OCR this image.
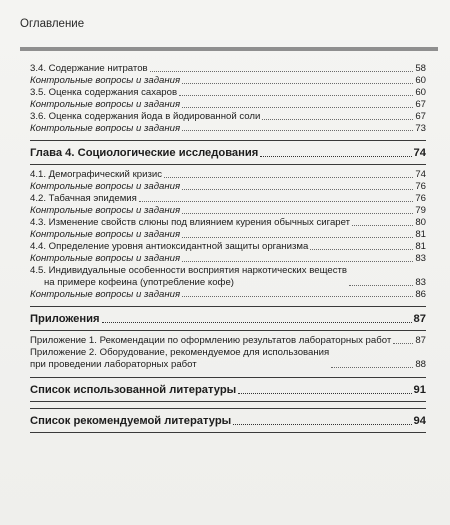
Оглавление
3.4. Содержание нитратов	58
Контрольные вопросы и задания	60
3.5. Оценка содержания сахаров	60
Контрольные вопросы и задания	67
3.6. Оценка содержания йода в йодированной соли	67
Контрольные вопросы и задания	73
Глава 4. Социологические исследования	74
4.1. Демографический кризис	74
Контрольные вопросы и задания	76
4.2. Табачная эпидемия	76
Контрольные вопросы и задания	79
4.3. Изменение свойств слюны под влиянием курения обычных сигарет	80
Контрольные вопросы и задания	81
4.4. Определение уровня антиоксидантной защиты организма	81
Контрольные вопросы и задания	83
4.5. Индивидуальные особенности восприятия наркотических веществ
на примере кофеина (употребление кофе)	83
Контрольные вопросы и задания	86
Приложения	87
Приложение 1. Рекомендации по оформлению результатов лабораторных работ	87
Приложение 2. Оборудование, рекомендуемое для использования
при проведении лабораторных работ	88
Список использованной литературы	91
Список рекомендуемой литературы	94
